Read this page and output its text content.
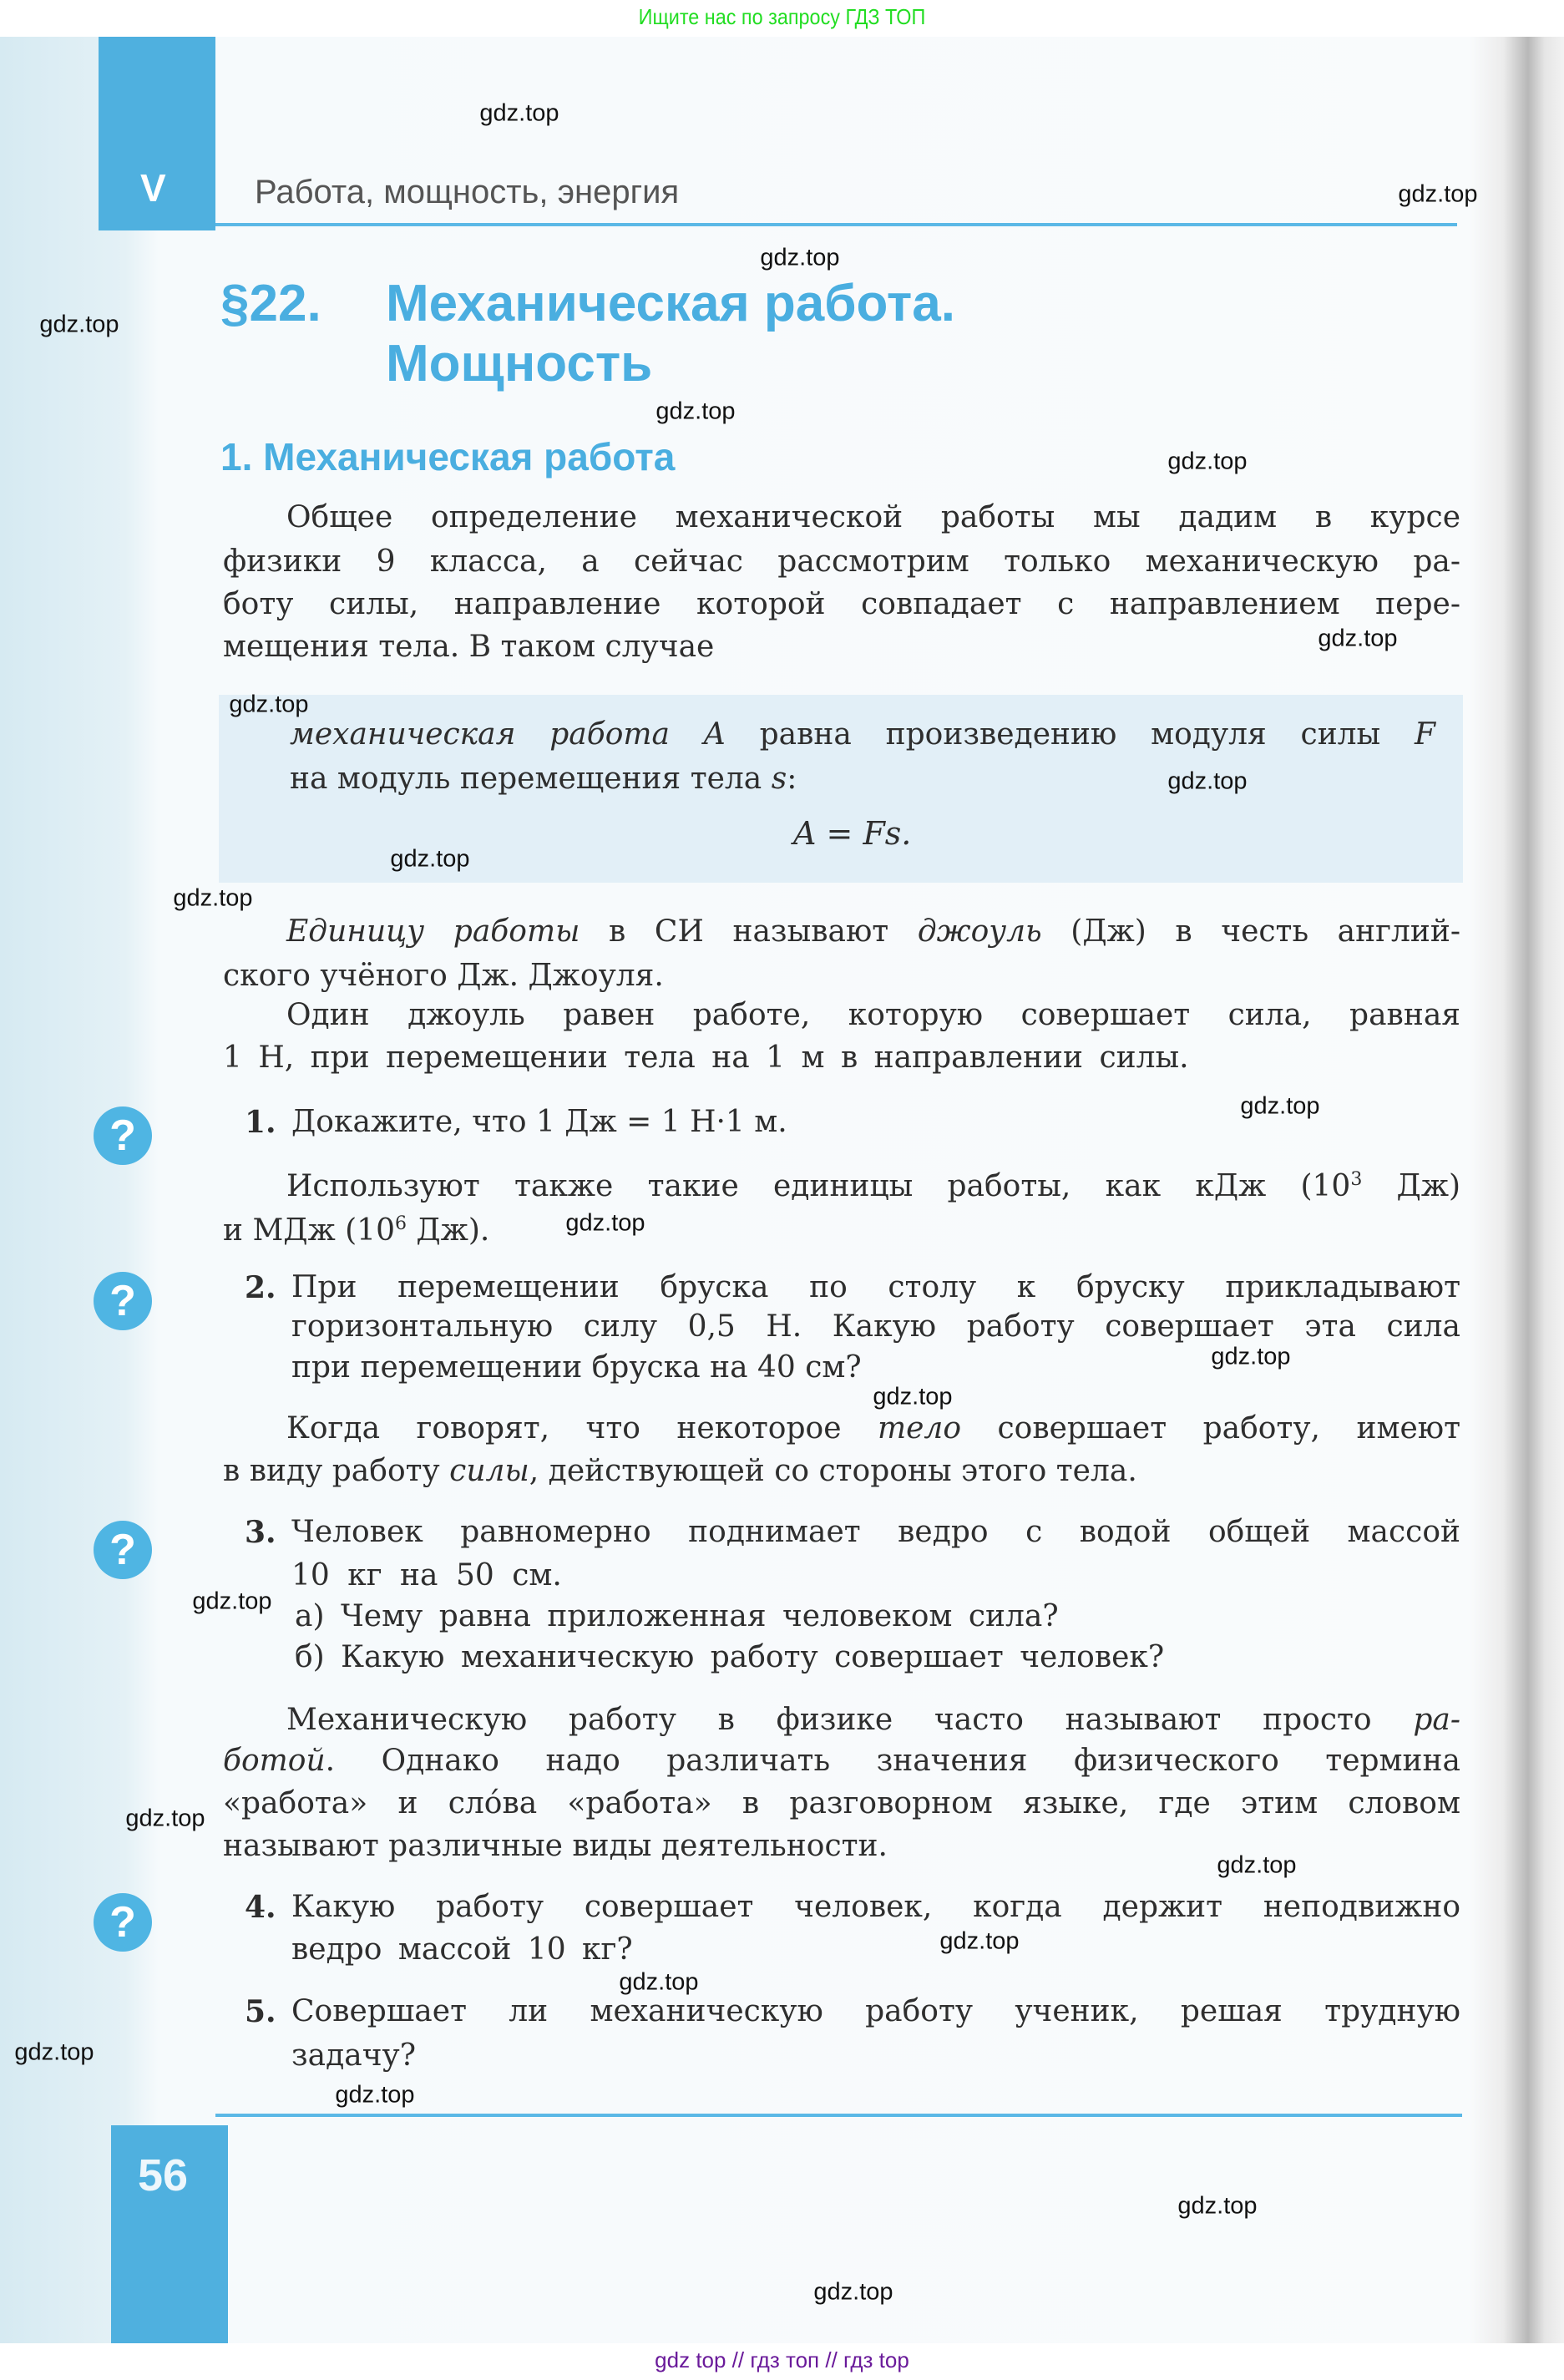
Ищите нас по запросу ГДЗ ТОП
V	Работа, мощность, энергия
§22. Механическая работа.
Мощность
1. Механическая работа
Общее определение механической работы мы дадим в курсе
физики 9 класса, а сейчас рассмотрим только механическую ра-
боту силы, направление которой совпадает с направлением пере-
мещения тела. В таком случае
механическая работа A равна произведению модуля силы F
на модуль перемещения тела s:
A = Fs.
Единицу работы в СИ называют джоуль (Дж) в честь англий-
ского учёного Дж. Джоуля.
Один джоуль равен работе, которую совершает сила, равная
1 Н, при перемещении тела на 1 м в направлении силы.
?	1. Докажите, что 1 Дж = 1 Н·1 м.
Используют также такие единицы работы, как кДж ($10^3$ Дж)
и МДж ($10^6$ Дж).
?	2. При перемещении бруска по столу к бруску прикладывают
горизонтальную силу 0,5 Н. Какую работу совершает эта сила
при перемещении бруска на 40 см?
Когда говорят, что некоторое тело совершает работу, имеют
в виду работу силы, действующей со стороны этого тела.
?	3. Человек равномерно поднимает ведро с водой общей массой
10 кг на 50 см.
а) Чему равна приложенная человеком сила?
б) Какую механическую работу совершает человек?
Механическую работу в физике часто называют просто ра-
ботой. Однако надо различать значения физического термина
«работа» и сло́ва «работа» в разговорном языке, где этим словом
называют различные виды деятельности.
?	4. Какую работу совершает человек, когда держит неподвижно
ведро массой 10 кг?
5. Совершает ли механическую работу ученик, решая трудную
задачу?
56
gdz.top
gdz.top
gdz.top
gdz.top
gdz.top
gdz.top
gdz.top
gdz.top
gdz.top
gdz.top
gdz.top
gdz.top
gdz.top
gdz.top
gdz.top
gdz.top
gdz.top
gdz.top
gdz.top
gdz.top
gdz.top
gdz.top
gdz.top
gdz.top
gdz top // гдз топ // гдз top
